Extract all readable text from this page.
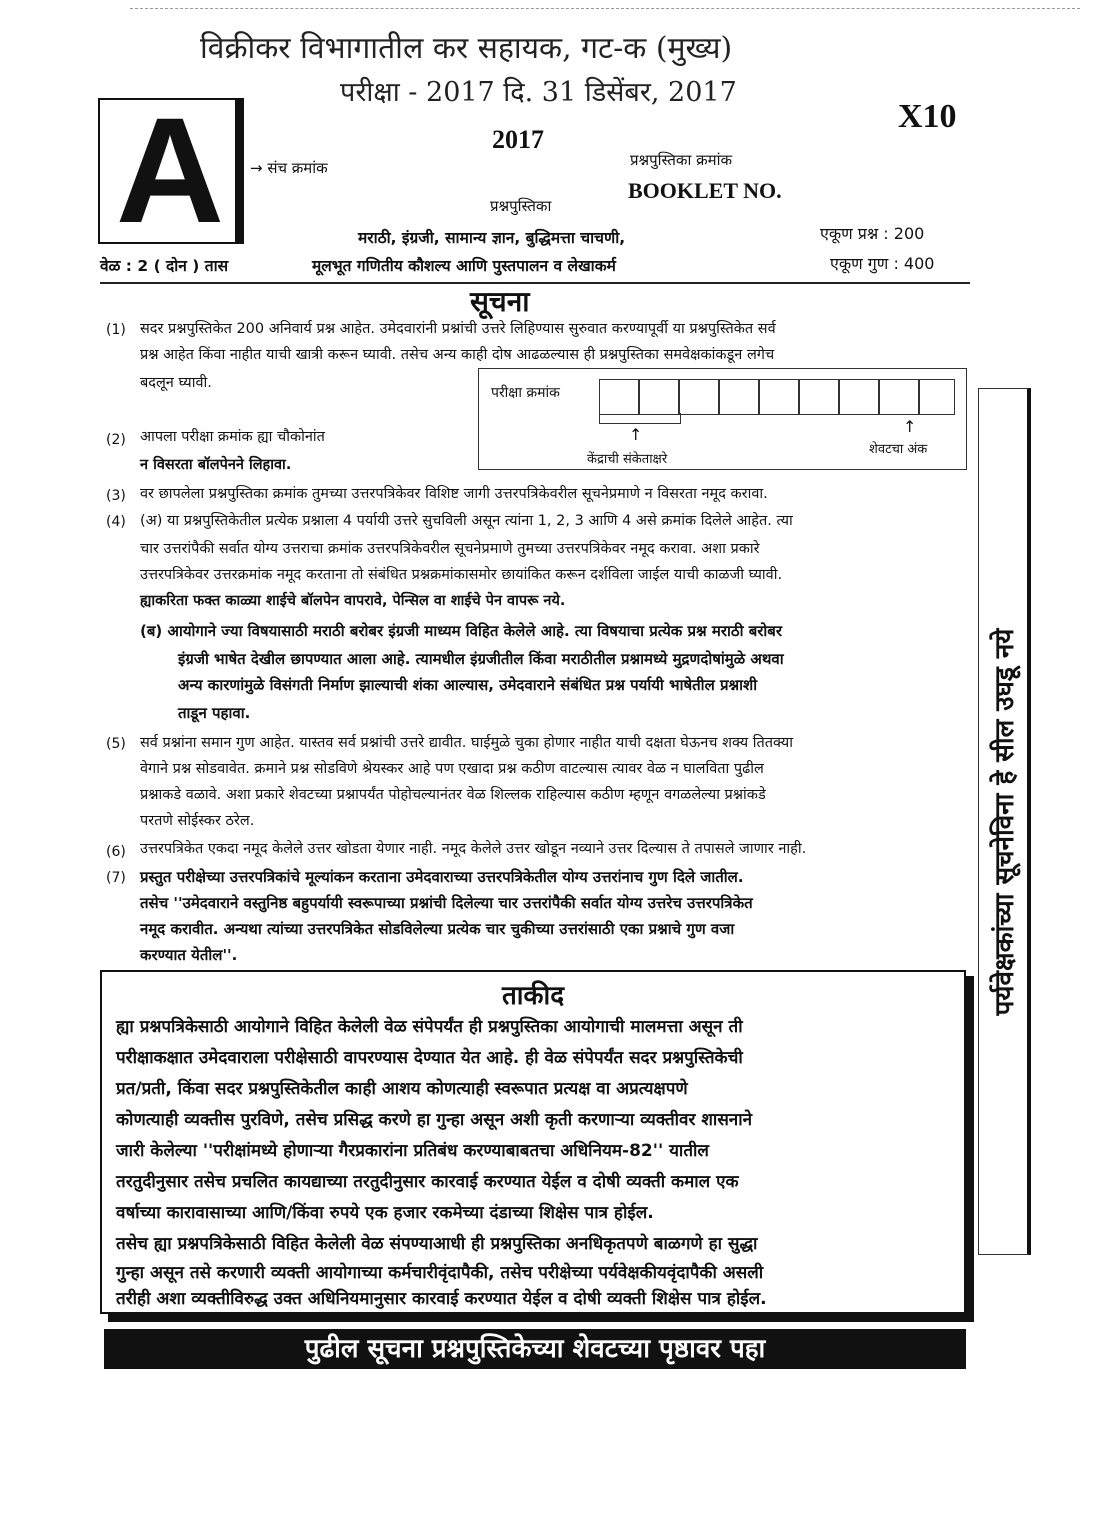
विक्रीकर विभागातील कर सहायक, गट-क (मुख्य)
परीक्षा - 2017 दि. 31 डिसेंबर, 2017
X10
A	→ संच क्रमांक
2017
प्रश्नपुस्तिका क्रमांक
BOOKLET NO.
प्रश्नपुस्तिका
मराठी, इंग्रजी, सामान्य ज्ञान, बुद्धिमत्ता चाचणी,
मूलभूत गणितीय कौशल्य आणि पुस्तपालन व लेखाकर्म
एकूण प्रश्न : 200
एकूण गुण : 400
वेळ : 2 ( दोन ) तास
सूचना
(1) सदर प्रश्नपुस्तिकेत 200 अनिवार्य प्रश्न आहेत. उमेदवारांनी प्रश्नांची उत्तरे लिहिण्यास सुरुवात करण्यापूर्वी या प्रश्नपुस्तिकेत सर्व
प्रश्न आहेत किंवा नाहीत याची खात्री करून घ्यावी. तसेच अन्य काही दोष आढळल्यास ही प्रश्नपुस्तिका समवेक्षकांकडून लगेच
बदलून घ्यावी.
परीक्षा क्रमांक
↑	↑
केंद्राची संकेताक्षरे
शेवटचा अंक
(2) आपला परीक्षा क्रमांक ह्या चौकोनांत
न विसरता बॉलपेनने लिहावा.
(3) वर छापलेला प्रश्नपुस्तिका क्रमांक तुमच्या उत्तरपत्रिकेवर विशिष्ट जागी उत्तरपत्रिकेवरील सूचनेप्रमाणे न विसरता नमूद करावा.
(4) (अ) या प्रश्नपुस्तिकेतील प्रत्येक प्रश्नाला 4 पर्यायी उत्तरे सुचविली असून त्यांना 1, 2, 3 आणि 4 असे क्रमांक दिलेले आहेत. त्या
चार उत्तरांपैकी सर्वात योग्य उत्तराचा क्रमांक उत्तरपत्रिकेवरील सूचनेप्रमाणे तुमच्या उत्तरपत्रिकेवर नमूद करावा. अशा प्रकारे
उत्तरपत्रिकेवर उत्तरक्रमांक नमूद करताना तो संबंधित प्रश्नक्रमांकासमोर छायांकित करून दर्शविला जाईल याची काळजी घ्यावी.
ह्याकरिता फक्त काळ्या शाईचे बॉलपेन वापरावे, पेन्सिल वा शाईचे पेन वापरू नये.
(ब) आयोगाने ज्या विषयासाठी मराठी बरोबर इंग्रजी माध्यम विहित केलेले आहे. त्या विषयाचा प्रत्येक प्रश्न मराठी बरोबर
इंग्रजी भाषेत देखील छापण्यात आला आहे. त्यामधील इंग्रजीतील किंवा मराठीतील प्रश्नामध्ये मुद्रणदोषांमुळे अथवा
अन्य कारणांमुळे विसंगती निर्माण झाल्याची शंका आल्यास, उमेदवाराने संबंधित प्रश्न पर्यायी भाषेतील प्रश्नाशी
ताडून पहावा.
(5) सर्व प्रश्नांना समान गुण आहेत. यास्तव सर्व प्रश्नांची उत्तरे द्यावीत. घाईमुळे चुका होणार नाहीत याची दक्षता घेऊनच शक्य तितक्या
वेगाने प्रश्न सोडवावेत. क्रमाने प्रश्न सोडविणे श्रेयस्कर आहे पण एखादा प्रश्न कठीण वाटल्यास त्यावर वेळ न घालविता पुढील
प्रश्नाकडे वळावे. अशा प्रकारे शेवटच्या प्रश्नापर्यंत पोहोचल्यानंतर वेळ शिल्लक राहिल्यास कठीण म्हणून वगळलेल्या प्रश्नांकडे
परतणे सोईस्कर ठरेल.
(6) उत्तरपत्रिकेत एकदा नमूद केलेले उत्तर खोडता येणार नाही. नमूद केलेले उत्तर खोडून नव्याने उत्तर दिल्यास ते तपासले जाणार नाही.
(7) प्रस्तुत परीक्षेच्या उत्तरपत्रिकांचे मूल्यांकन करताना उमेदवाराच्या उत्तरपत्रिकेतील योग्य उत्तरांनाच गुण दिले जातील.
तसेच ''उमेदवाराने वस्तुनिष्ठ बहुपर्यायी स्वरूपाच्या प्रश्नांची दिलेल्या चार उत्तरांपैकी सर्वात योग्य उत्तरेच उत्तरपत्रिकेत
नमूद करावीत. अन्यथा त्यांच्या उत्तरपत्रिकेत सोडविलेल्या प्रत्येक चार चुकीच्या उत्तरांसाठी एका प्रश्नाचे गुण वजा
करण्यात येतील''.	पर्यवेक्षकांच्या सूचनेविना हे सील उघडू नये
ताकीद
ह्या प्रश्नपत्रिकेसाठी आयोगाने विहित केलेली वेळ संपेपर्यंत ही प्रश्नपुस्तिका आयोगाची मालमत्ता असून ती
परीक्षाकक्षात उमेदवाराला परीक्षेसाठी वापरण्यास देण्यात येत आहे. ही वेळ संपेपर्यंत सदर प्रश्नपुस्तिकेची
प्रत/प्रती, किंवा सदर प्रश्नपुस्तिकेतील काही आशय कोणत्याही स्वरूपात प्रत्यक्ष वा अप्रत्यक्षपणे
कोणत्याही व्यक्तीस पुरविणे, तसेच प्रसिद्ध करणे हा गुन्हा असून अशी कृती करणाऱ्या व्यक्तीवर शासनाने
जारी केलेल्या ''परीक्षांमध्ये होणाऱ्या गैरप्रकारांना प्रतिबंध करण्याबाबतचा अधिनियम-82'' यातील
तरतुदीनुसार तसेच प्रचलित कायद्याच्या तरतुदीनुसार कारवाई करण्यात येईल व दोषी व्यक्ती कमाल एक
वर्षाच्या कारावासाच्या आणि/किंवा रुपये एक हजार रकमेच्या दंडाच्या शिक्षेस पात्र होईल.
तसेच ह्या प्रश्नपत्रिकेसाठी विहित केलेली वेळ संपण्याआधी ही प्रश्नपुस्तिका अनधिकृतपणे बाळगणे हा सुद्धा
गुन्हा असून तसे करणारी व्यक्ती आयोगाच्या कर्मचारीवृंदापैकी, तसेच परीक्षेच्या पर्यवेक्षकीयवृंदापैकी असली
तरीही अशा व्यक्तीविरुद्ध उक्त अधिनियमानुसार कारवाई करण्यात येईल व दोषी व्यक्ती शिक्षेस पात्र होईल.
पुढील सूचना प्रश्नपुस्तिकेच्या शेवटच्या पृष्ठावर पहा
